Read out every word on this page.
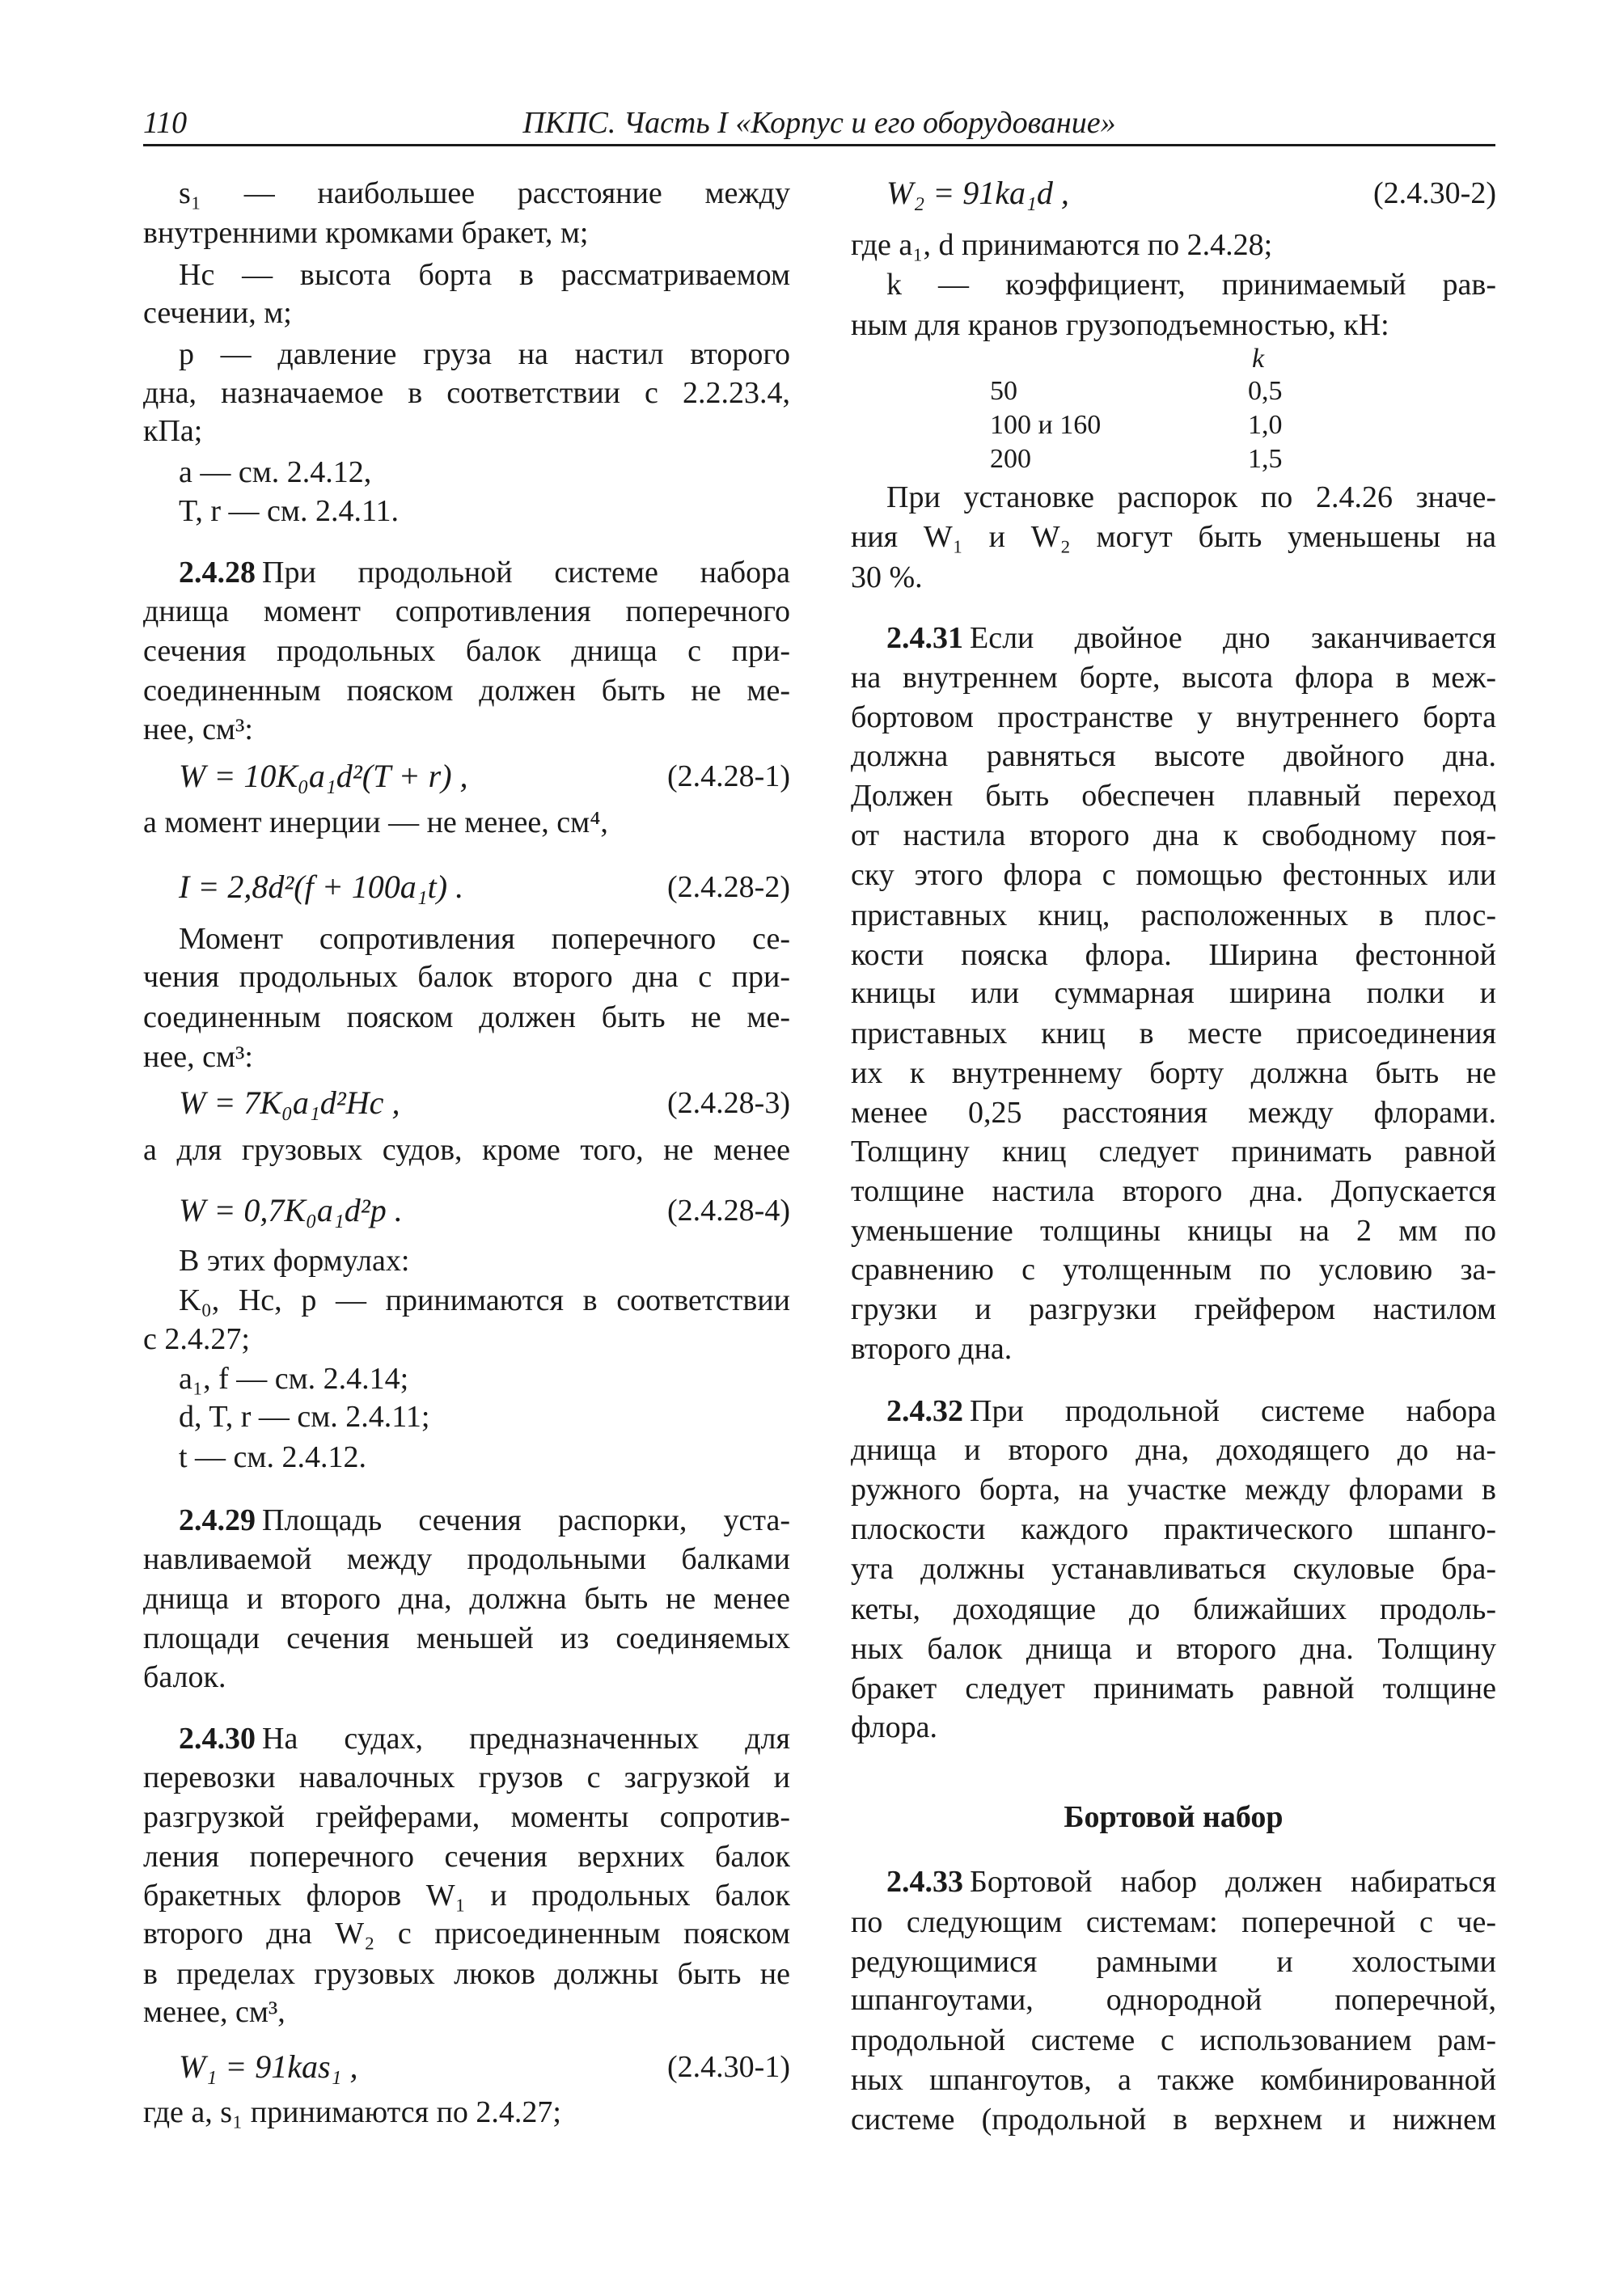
110	ПКПС. Часть I «Корпус и его оборудование»
s₁ — наибольшее расстояние между
внутренними кромками бракет, м;
Hс — высота борта в рассматриваемом
сечении, м;
p — давление груза на настил второго
дна, назначаемое в соответствии с 2.2.23.4,
кПа;
a — см. 2.4.12,
T, r — см. 2.4.11.
2.4.28 При продольной системе набора
днища момент сопротивления поперечного
сечения продольных балок днища с при-
соединенным пояском должен быть не ме-
нее, см³:
W = 10K₀a₁d²(T + r) ,	(2.4.28-1)
а момент инерции — не менее, см⁴,
I = 2,8d²(f + 100a₁t) .	(2.4.28-2)
Момент сопротивления поперечного се-
чения продольных балок второго дна с при-
соединенным пояском должен быть не ме-
нее, см³:
W = 7K₀a₁d²Hс ,	(2.4.28-3)
а для грузовых судов, кроме того, не менее
W = 0,7K₀a₁d²p .	(2.4.28-4)
В этих формулах:
K₀, Hс, p — принимаются в соответствии
с 2.4.27;
a₁, f — см. 2.4.14;
d, T, r — см. 2.4.11;
t — см. 2.4.12.
2.4.29 Площадь сечения распорки, уста-
навливаемой между продольными балками
днища и второго дна, должна быть не менее
площади сечения меньшей из соединяемых
балок.
2.4.30 На судах, предназначенных для
перевозки навалочных грузов с загрузкой и
разгрузкой грейферами, моменты сопротив-
ления поперечного сечения верхних балок
бракетных флоров W₁ и продольных балок
второго дна W₂ с присоединенным пояском
в пределах грузовых люков должны быть не
менее, см³,
W₁ = 91kas₁ ,	(2.4.30-1)
где a, s₁ принимаются по 2.4.27;
W₂ = 91ka₁d ,	(2.4.30-2)
где a₁, d принимаются по 2.4.28;
k — коэффициент, принимаемый рав-
ным для кранов грузоподъемностью, кН:
k
50	0,5
100 и 160	1,0
200	1,5
При установке распорок по 2.4.26 значе-
ния W₁ и W₂ могут быть уменьшены на
30 %.
2.4.31 Если двойное дно заканчивается
на внутреннем борте, высота флора в меж-
бортовом пространстве у внутреннего борта
должна равняться высоте двойного дна.
Должен быть обеспечен плавный переход
от настила второго дна к свободному поя-
ску этого флора с помощью фестонных или
приставных книц, расположенных в плос-
кости пояска флора. Ширина фестонной
кницы или суммарная ширина полки и
приставных книц в месте присоединения
их к внутреннему борту должна быть не
менее 0,25 расстояния между флорами.
Толщину книц следует принимать равной
толщине настила второго дна. Допускается
уменьшение толщины кницы на 2 мм по
сравнению с утолщенным по условию за-
грузки и разгрузки грейфером настилом
второго дна.
2.4.32 При продольной системе набора
днища и второго дна, доходящего до на-
ружного борта, на участке между флорами в
плоскости каждого практического шпанго-
ута должны устанавливаться скуловые бра-
кеты, доходящие до ближайших продоль-
ных балок днища и второго дна. Толщину
бракет следует принимать равной толщине
флора.
Бортовой набор
2.4.33 Бортовой набор должен набираться
по следующим системам: поперечной с че-
редующимися рамными и холостыми
шпангоутами, однородной поперечной,
продольной системе с использованием рам-
ных шпангоутов, а также комбинированной
системе (продольной в верхнем и нижнем
